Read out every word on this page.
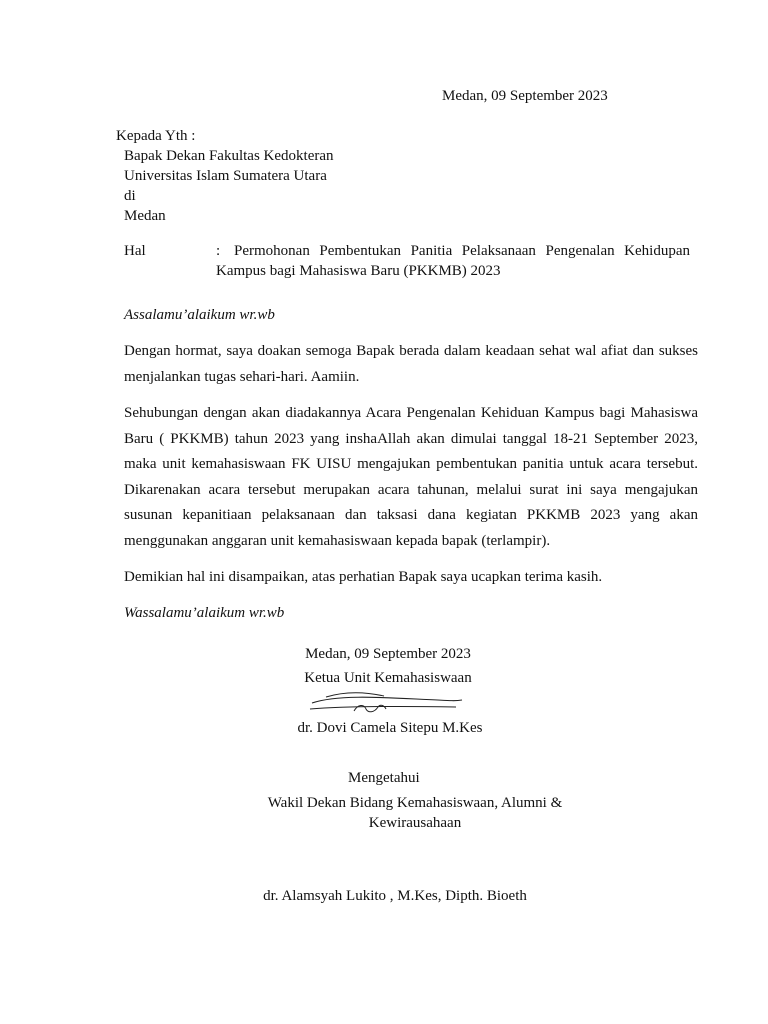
Medan, 09 September 2023
Kepada Yth :
Bapak Dekan Fakultas Kedokteran
Universitas Islam Sumatera Utara
di
Medan
Hal	: Permohonan Pembentukan Panitia Pelaksanaan Pengenalan Kehidupan Kampus bagi Mahasiswa Baru (PKKMB) 2023
Assalamu’alaikum wr.wb
Dengan hormat, saya doakan semoga Bapak berada dalam keadaan sehat wal afiat dan sukses menjalankan tugas sehari-hari. Aamiin.
Sehubungan dengan akan diadakannya Acara Pengenalan Kehiduan Kampus bagi Mahasiswa Baru ( PKKMB) tahun 2023 yang inshaAllah akan dimulai tanggal 18-21 September 2023, maka unit kemahasiswaan FK UISU mengajukan pembentukan panitia untuk acara tersebut. Dikarenakan acara tersebut merupakan acara tahunan, melalui surat ini saya mengajukan susunan kepanitiaan pelaksanaan dan taksasi dana kegiatan PKKMB 2023 yang akan menggunakan anggaran unit kemahasiswaan kepada bapak (terlampir).
Demikian hal ini disampaikan, atas perhatian Bapak saya ucapkan terima kasih.
Wassalamu’alaikum wr.wb
Medan, 09 September 2023
Ketua Unit Kemahasiswaan
dr. Dovi Camela Sitepu M.Kes
Mengetahui
Wakil Dekan Bidang Kemahasiswaan, Alumni & Kewirausahaan
dr. Alamsyah Lukito , M.Kes, Dipth. Bioeth
